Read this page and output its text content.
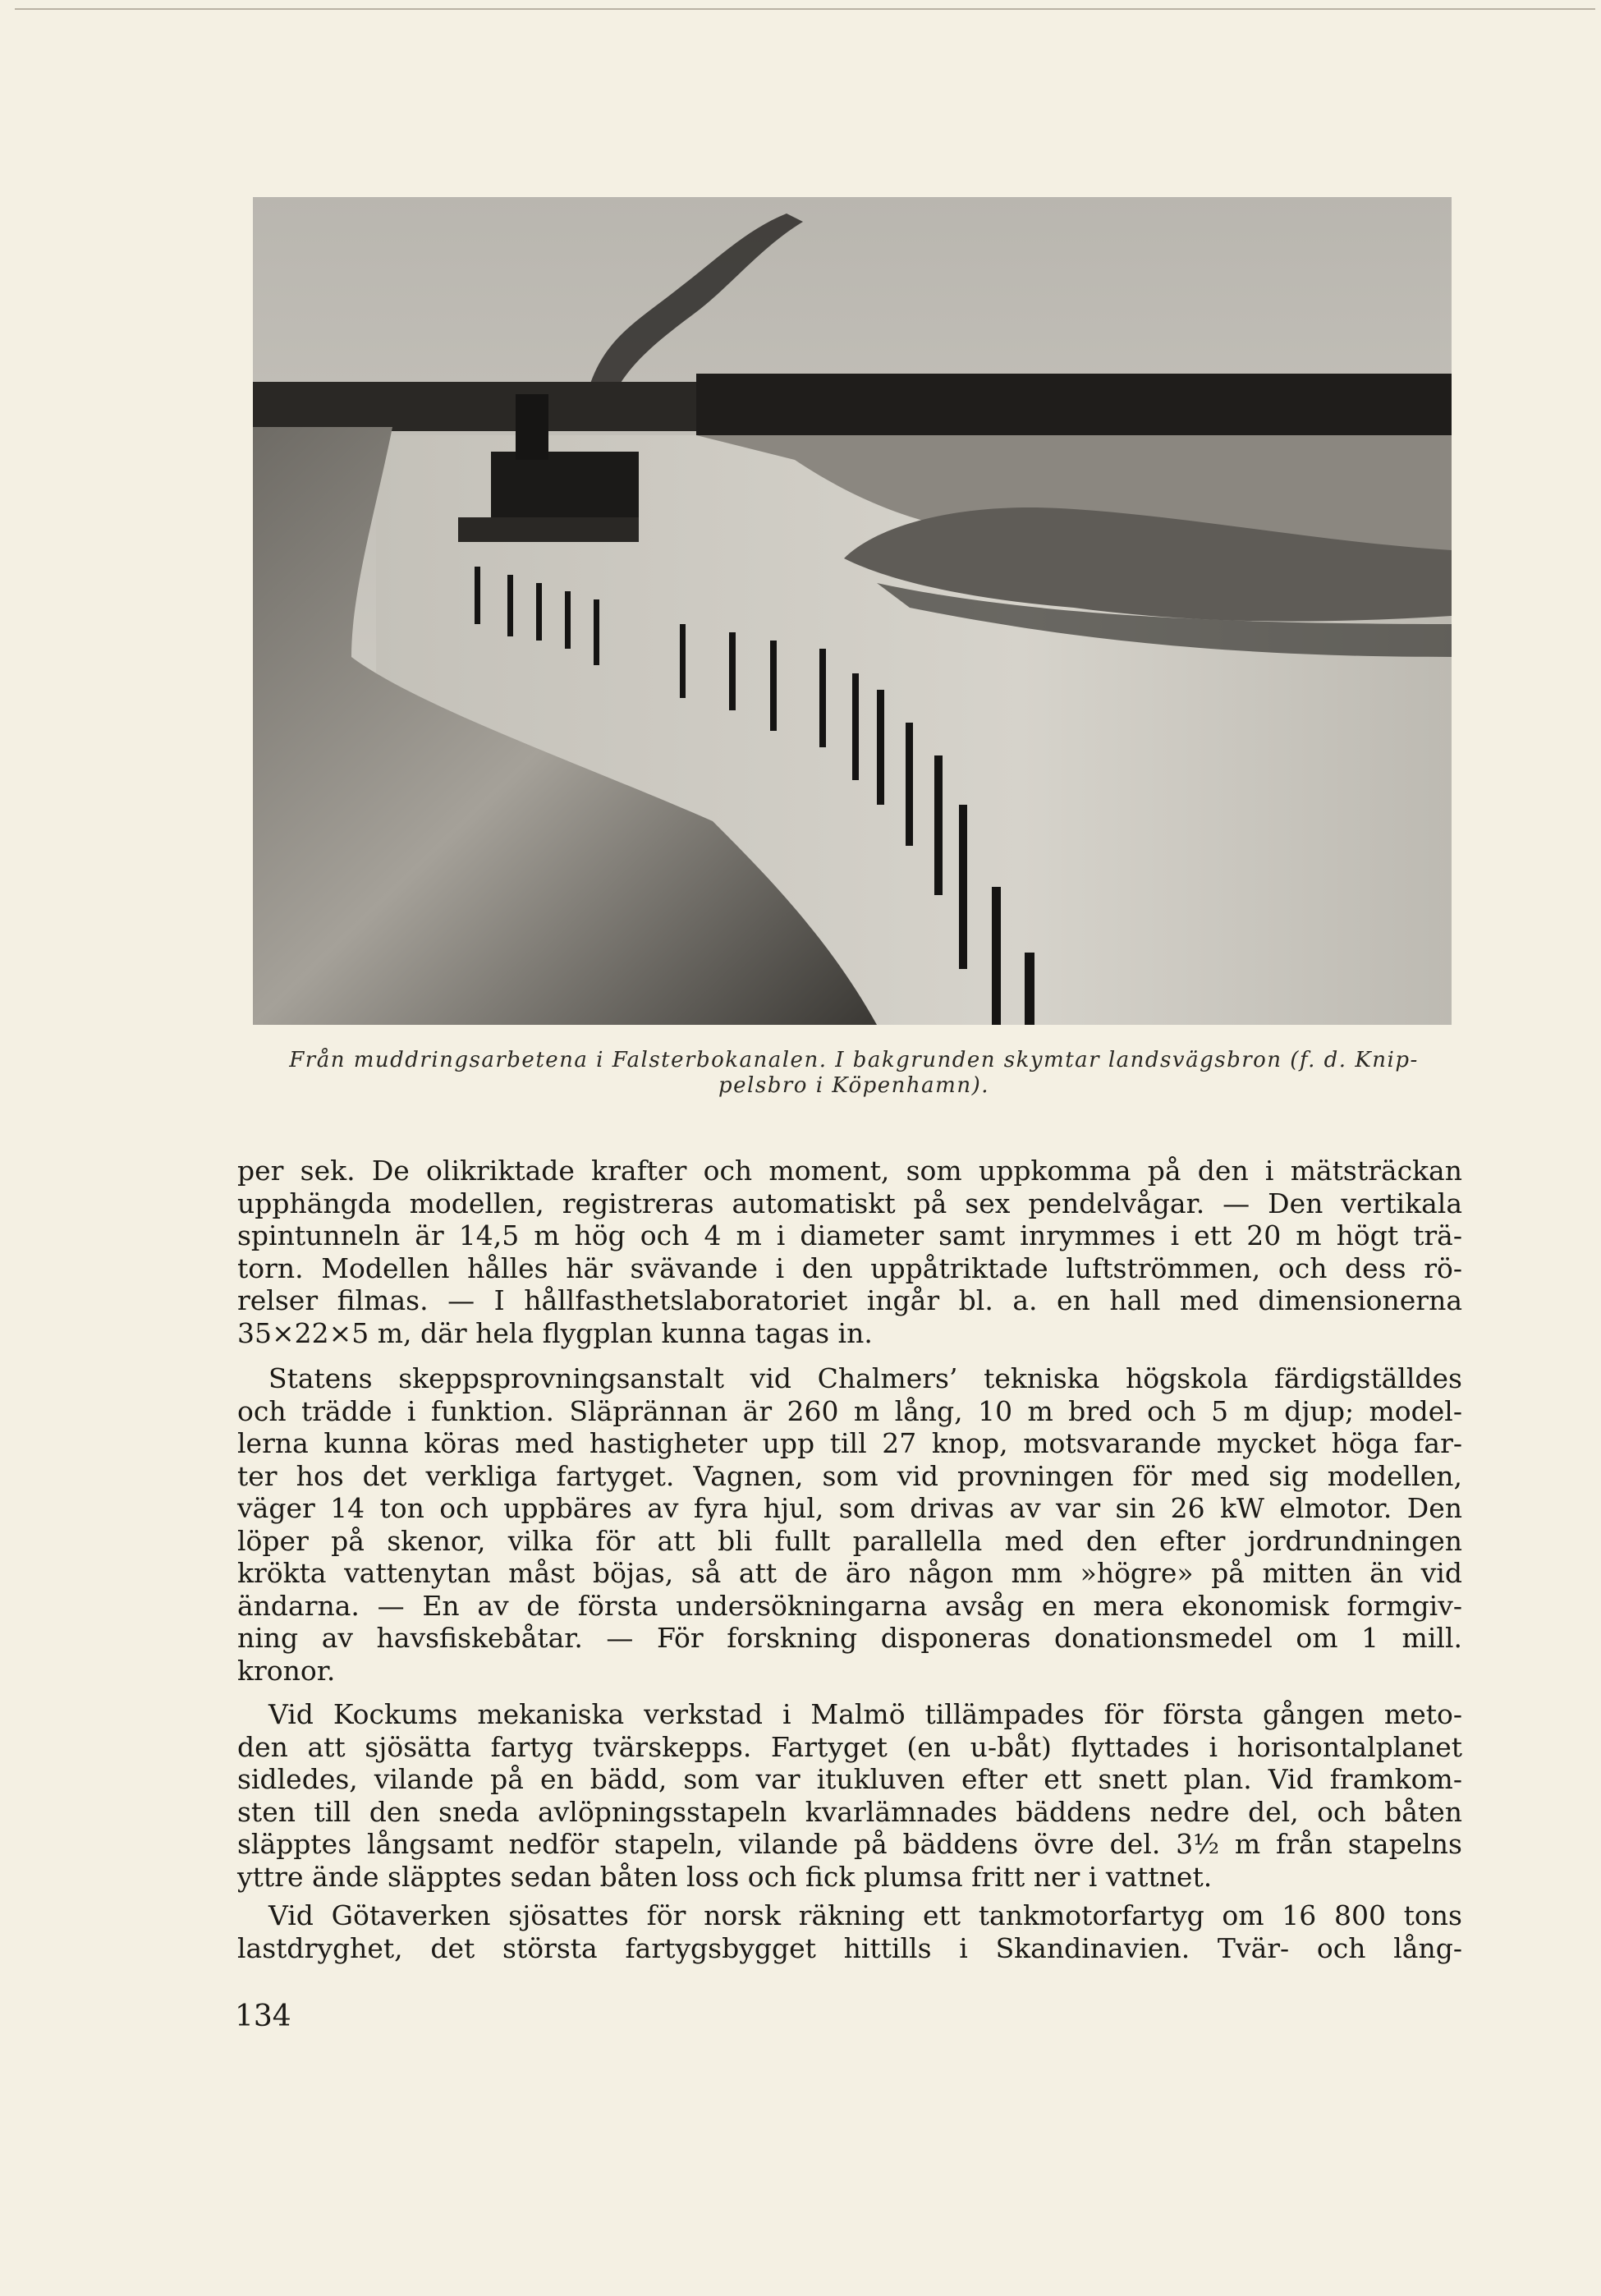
Från muddringsarbetena i Falsterbokanalen. I bakgrunden skymtar landsvägsbron (f. d. Knip-
pelsbro i Köpenhamn).
per sek. De olikriktade krafter och moment, som uppkomma på den i mätsträckan
upphängda modellen, registreras automatiskt på sex pendelvågar. — Den vertikala
spintunneln är 14,5 m hög och 4 m i diameter samt inrymmes i ett 20 m högt trä-
torn. Modellen hålles här svävande i den uppåtriktade luftströmmen, och dess rö-
relser filmas. — I hållfasthetslaboratoriet ingår bl. a. en hall med dimensionerna
35×22×5 m, där hela flygplan kunna tagas in.
Statens skeppsprovningsanstalt vid Chalmers’ tekniska högskola färdigställdes
och trädde i funktion. Släprännan är 260 m lång, 10 m bred och 5 m djup; model-
lerna kunna köras med hastigheter upp till 27 knop, motsvarande mycket höga far-
ter hos det verkliga fartyget. Vagnen, som vid provningen för med sig modellen,
väger 14 ton och uppbäres av fyra hjul, som drivas av var sin 26 kW elmotor. Den
löper på skenor, vilka för att bli fullt parallella med den efter jordrundningen
krökta vattenytan måst böjas, så att de äro någon mm »högre» på mitten än vid
ändarna. — En av de första undersökningarna avsåg en mera ekonomisk formgiv-
ning av havsfiskebåtar. — För forskning disponeras donationsmedel om 1 mill.
kronor.
Vid Kockums mekaniska verkstad i Malmö tillämpades för första gången meto-
den att sjösätta fartyg tvärskepps. Fartyget (en u-båt) flyttades i horisontalplanet
sidledes, vilande på en bädd, som var itukluven efter ett snett plan. Vid framkom-
sten till den sneda avlöpningsstapeln kvarlämnades bäddens nedre del, och båten
släpptes långsamt nedför stapeln, vilande på bäddens övre del. 3½ m från stapelns
yttre ände släpptes sedan båten loss och fick plumsa fritt ner i vattnet.
Vid Götaverken sjösattes för norsk räkning ett tankmotorfartyg om 16 800 tons
lastdryghet, det största fartygsbygget hittills i Skandinavien. Tvär- och lång-
134
